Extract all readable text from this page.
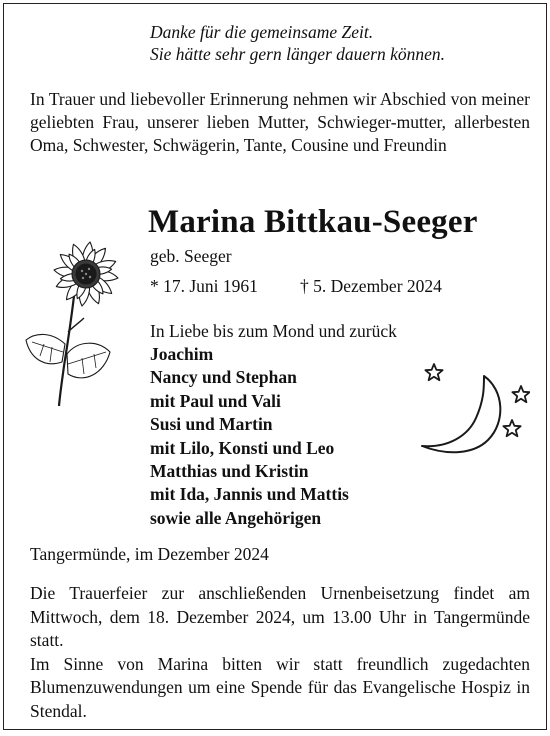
Danke für die gemeinsame Zeit.
Sie hätte sehr gern länger dauern können.
In Trauer und liebevoller Erinnerung nehmen wir Abschied von meiner geliebten Frau, unserer lieben Mutter, Schwieger-mutter, allerbesten Oma, Schwester, Schwägerin, Tante, Cousine und Freundin
Marina Bittkau-Seeger
geb. Seeger
* 17. Juni 1961 † 5. Dezember 2024
In Liebe bis zum Mond und zurück
Joachim
Nancy und Stephan
mit Paul und Vali
Susi und Martin
mit Lilo, Konsti und Leo
Matthias und Kristin
mit Ida, Jannis und Mattis
sowie alle Angehörigen
Tangermünde, im Dezember 2024

Die Trauerfeier zur anschließenden Urnenbeisetzung findet am Mittwoch, dem 18. Dezember 2024, um 13.00 Uhr in Tangermünde statt.

Im Sinne von Marina bitten wir statt freundlich zugedachten Blumenzuwendungen um eine Spende für das Evangelische Hospiz in Stendal.
